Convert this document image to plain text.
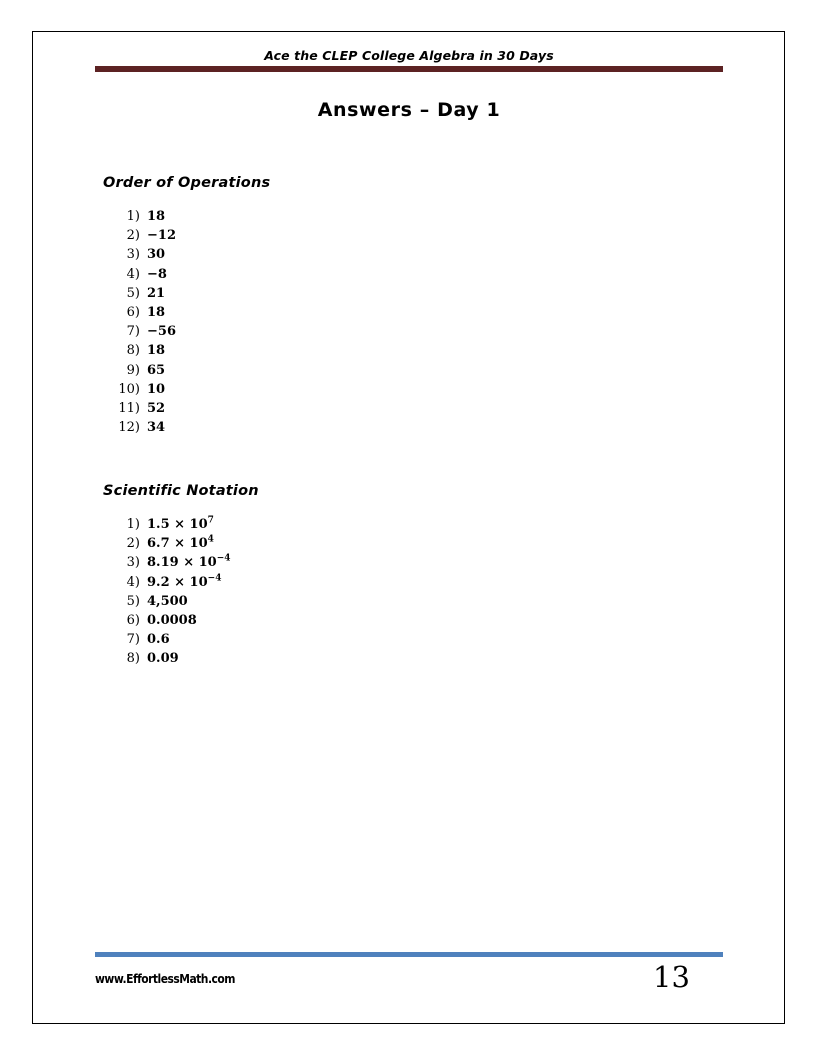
Ace the CLEP College Algebra in 30 Days
Answers – Day 1
Order of Operations
1) 18
2) −12
3) 30
4) −8
5) 21
6) 18
7) −56
8) 18
9) 65
10) 10
11) 52
12) 34
Scientific Notation
1) $1.5 \times 10^7$
2) $6.7 \times 10^4$
3) $8.19 \times 10^{-4}$
4) $9.2 \times 10^{-4}$
5) 4,500
6) 0.0008
7) 0.6
8) 0.09
www.EffortlessMath.com	13
